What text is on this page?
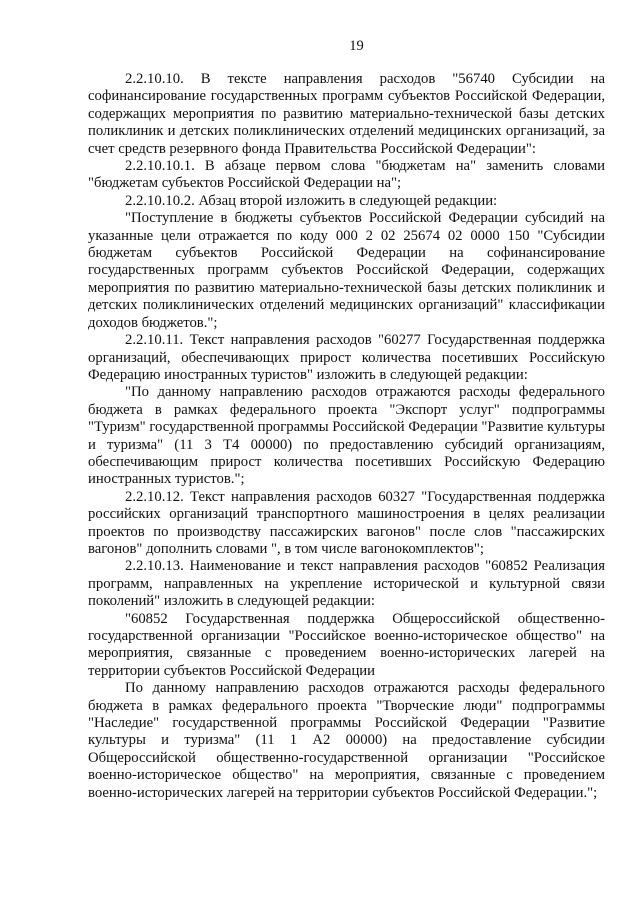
19

2.2.10.10. В тексте направления расходов "56740 Субсидии на софинансирование государственных программ субъектов Российской Федерации, содержащих мероприятия по развитию материально-технической базы детских поликлиник и детских поликлинических отделений медицинских организаций, за счет средств резервного фонда Правительства Российской Федерации":

2.2.10.10.1. В абзаце первом слова "бюджетам на" заменить словами "бюджетам субъектов Российской Федерации на";

2.2.10.10.2. Абзац второй изложить в следующей редакции:

"Поступление в бюджеты субъектов Российской Федерации субсидий на указанные цели отражается по коду 000 2 02 25674 02 0000 150 "Субсидии бюджетам субъектов Российской Федерации на софинансирование государственных программ субъектов Российской Федерации, содержащих мероприятия по развитию материально-технической базы детских поликлиник и детских поликлинических отделений медицинских организаций" классификации доходов бюджетов.";

2.2.10.11. Текст направления расходов "60277 Государственная поддержка организаций, обеспечивающих прирост количества посетивших Российскую Федерацию иностранных туристов" изложить в следующей редакции:

"По данному направлению расходов отражаются расходы федерального бюджета в рамках федерального проекта "Экспорт услуг" подпрограммы "Туризм" государственной программы Российской Федерации "Развитие культуры и туризма" (11 3 Т4 00000) по предоставлению субсидий организациям, обеспечивающим прирост количества посетивших Российскую Федерацию иностранных туристов.";

2.2.10.12. Текст направления расходов 60327 "Государственная поддержка российских организаций транспортного машиностроения в целях реализации проектов по производству пассажирских вагонов" после слов "пассажирских вагонов" дополнить словами ", в том числе вагонокомплектов";

2.2.10.13. Наименование и текст направления расходов "60852 Реализация программ, направленных на укрепление исторической и культурной связи поколений" изложить в следующей редакции:

"60852 Государственная поддержка Общероссийской общественно-государственной организации "Российское военно-историческое общество" на мероприятия, связанные с проведением военно-исторических лагерей на территории субъектов Российской Федерации

По данному направлению расходов отражаются расходы федерального бюджета в рамках федерального проекта "Творческие люди" подпрограммы "Наследие" государственной программы Российской Федерации "Развитие культуры и туризма" (11 1 А2 00000) на предоставление субсидии Общероссийской общественно-государственной организации "Российское военно-историческое общество" на мероприятия, связанные с проведением военно-исторических лагерей на территории субъектов Российской Федерации.";
